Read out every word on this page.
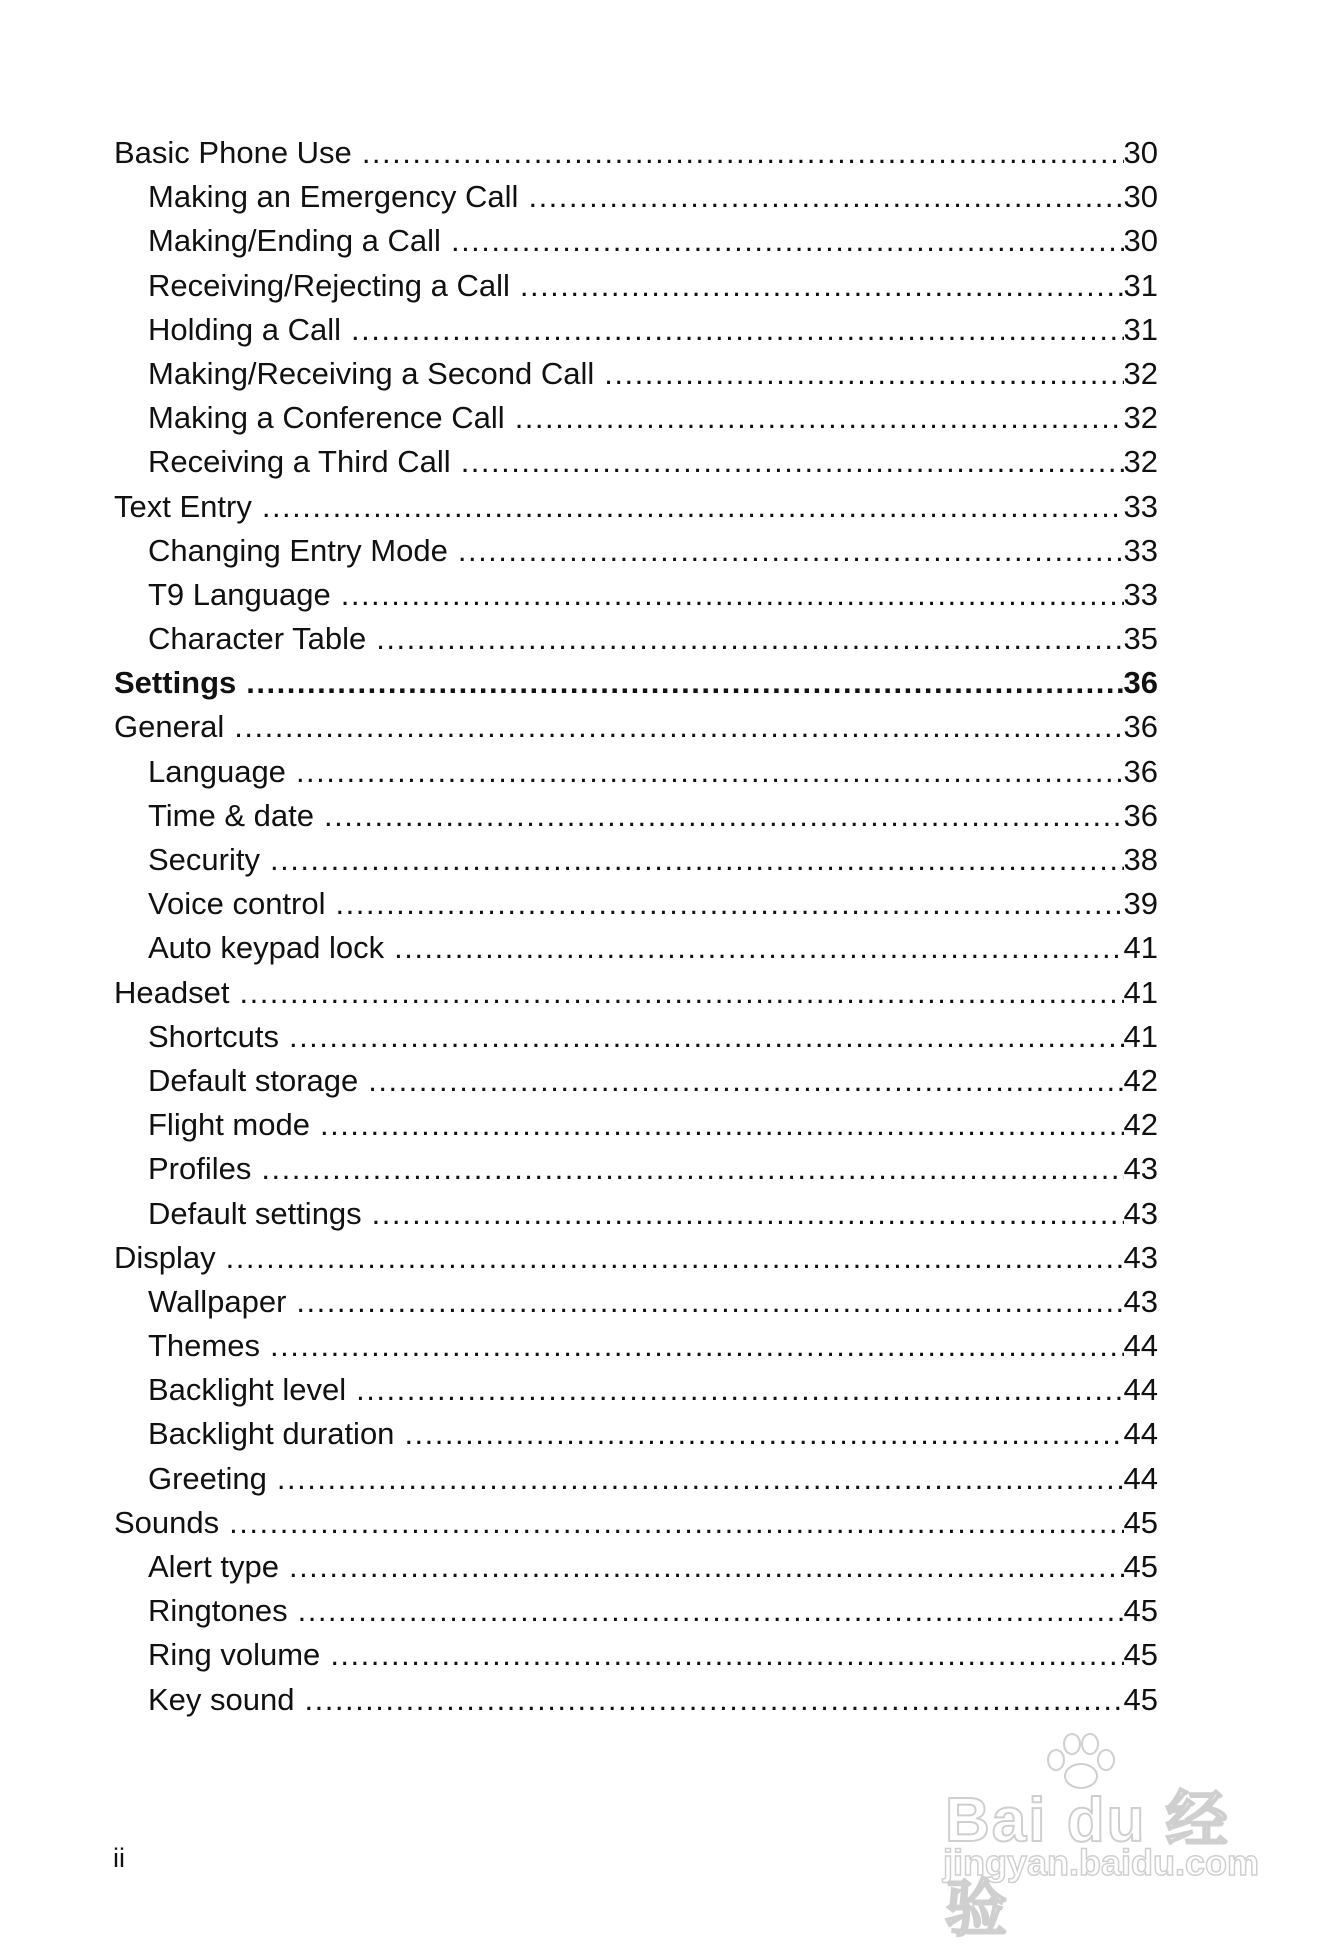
Basic Phone Use .....	30
Making an Emergency Call .....	30
Making/Ending a Call .....	30
Receiving/Rejecting a Call .....	31
Holding a Call .....	31
Making/Receiving a Second Call .....	32
Making a Conference Call .....	32
Receiving a Third Call .....	32
Text Entry .....	33
Changing Entry Mode .....	33
T9 Language .....	33
Character Table .....	35
Settings .....	36
General .....	36
Language .....	36
Time & date .....	36
Security .....	38
Voice control .....	39
Auto keypad lock .....	41
Headset .....	41
Shortcuts .....	41
Default storage .....	42
Flight mode .....	42
Profiles .....	43
Default settings .....	43
Display .....	43
Wallpaper .....	43
Themes .....	44
Backlight level .....	44
Backlight duration .....	44
Greeting .....	44
Sounds .....	45
Alert type .....	45
Ringtones .....	45
Ring volume .....	45
Key sound .....	45
ii
Bai du 经验
jingyan.baidu.com
